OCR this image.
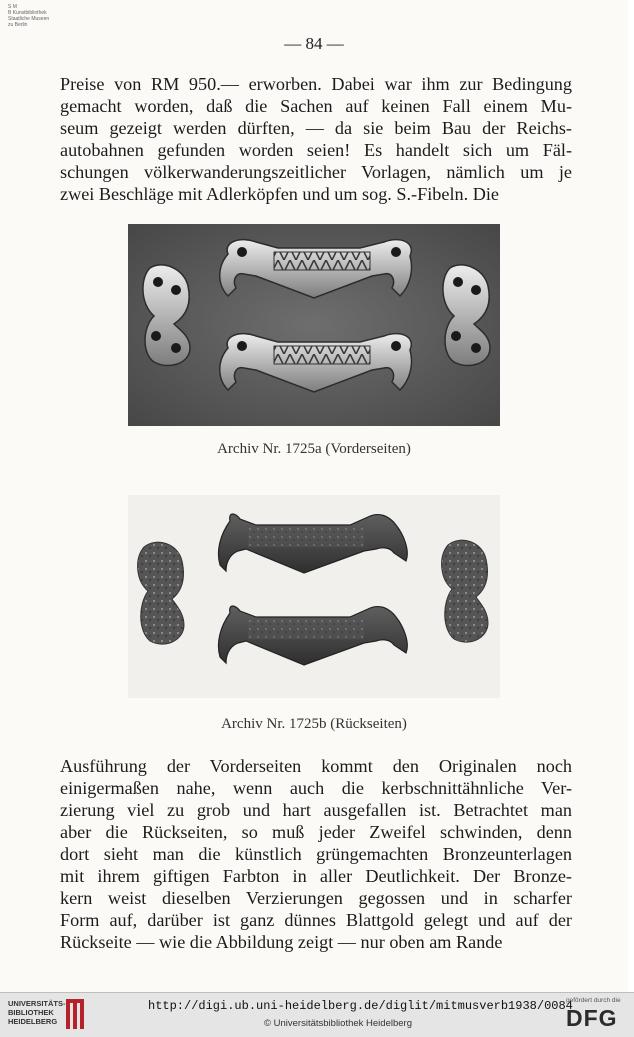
S M
B Kunstbibliothek
Staatliche Museen
zu Berlin
— 84 —
Preise von RM 950.— erworben. Dabei war ihm zur Bedingung
gemacht worden, daß die Sachen auf keinen Fall einem Mu-
seum gezeigt werden dürften, — da sie beim Bau der Reichs-
autobahnen gefunden worden seien! Es handelt sich um Fäl-
schungen völkerwanderungszeitlicher Vorlagen, nämlich um je
zwei Beschläge mit Adlerköpfen und um sog. S.-Fibeln. Die
Archiv Nr. 1725a (Vorderseiten)
Archiv Nr. 1725b (Rückseiten)
Ausführung der Vorderseiten kommt den Originalen noch
einigermaßen nahe, wenn auch die kerbschnittähnliche Ver-
zierung viel zu grob und hart ausgefallen ist. Betrachtet man
aber die Rückseiten, so muß jeder Zweifel schwinden, denn
dort sieht man die künstlich grüngemachten Bronzeunterlagen
mit ihrem giftigen Farbton in aller Deutlichkeit. Der Bronze-
kern weist dieselben Verzierungen gegossen und in scharfer
Form auf, darüber ist ganz dünnes Blattgold gelegt und auf der
Rückseite — wie die Abbildung zeigt — nur oben am Rande
UNIVERSITÄTS-
BIBLIOTHEK
HEIDELBERG
http://digi.ub.uni-heidelberg.de/diglit/mitmusverb1938/0084
© Universitätsbibliothek Heidelberg
gefördert durch die
DFG
